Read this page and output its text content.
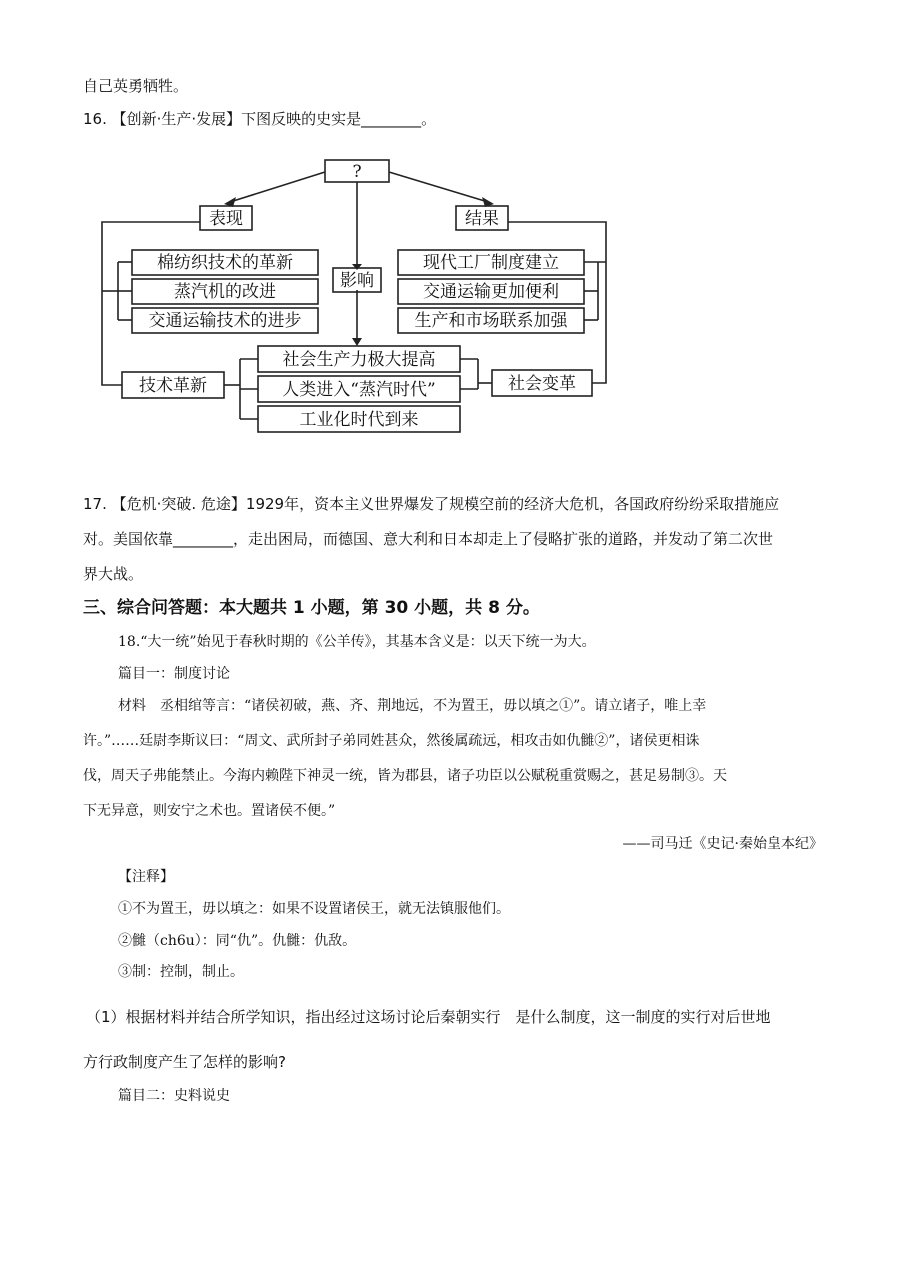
自己英勇牺牲。
16. 【创新·生产·发展】下图反映的史实是________。
?
表现	结果
影响
棉纺织技术的革新
蒸汽机的改进
交通运输技术的进步
现代工厂制度建立
交通运输更加便利
生产和市场联系加强
社会生产力极大提高
人类进入“蒸汽时代”
工业化时代到来
技术革新	社会变革
17. 【危机·突破. 危途】1929年，资本主义世界爆发了规模空前的经济大危机，各国政府纷纷采取措施应
对。美国依靠________，走出困局，而德国、意大利和日本却走上了侵略扩张的道路，并发动了第二次世
界大战。
三、综合问答题：本大题共 1 小题，第 30 小题，共 8 分。
18.“大一统”始见于春秋时期的《公羊传》，其基本含义是：以天下统一为大。
篇目一：制度讨论
材料　丞相绾等言：“诸侯初破，燕、齐、荆地远，不为置王，毋以填之①”。请立诸子，唯上幸
许。”……廷尉李斯议曰：“周文、武所封子弟同姓甚众，然後属疏远，相攻击如仇雠②”，诸侯更相诛
伐，周天子弗能禁止。今海内赖陛下神灵一统，皆为郡县，诸子功臣以公赋税重赏赐之，甚足易制③。天
下无异意，则安宁之术也。置诸侯不便。”
——司马迁《史记·秦始皇本纪》
【注释】
①不为置王，毋以填之：如果不设置诸侯王，就无法镇服他们。
②雠（ch6u）：同“仇”。仇雠：仇敌。
③制：控制，制止。
（1）根据材料并结合所学知识，指出经过这场讨论后秦朝实行　是什么制度，这一制度的实行对后世地
方行政制度产生了怎样的影响?
篇目二：史料说史
